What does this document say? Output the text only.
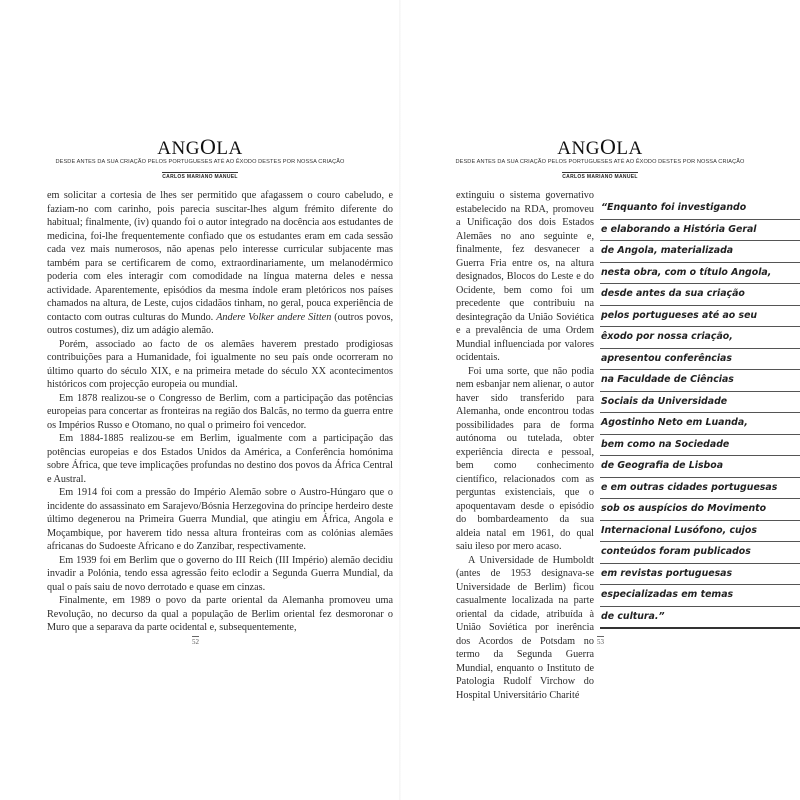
ANGOLA
DESDE ANTES DA SUA CRIAÇÃO PELOS PORTUGUESES ATÉ AO ÊXODO DESTES POR NOSSA CRIAÇÃO
CARLOS MARIANO MANUEL

em solicitar a cortesia de lhes ser permitido que afagassem o couro cabeludo, e faziam-no com carinho, pois parecia suscitar-lhes algum frémito diferente do habitual; finalmente, (iv) quando foi o autor integrado na docência aos estudantes de medicina, foi-lhe frequentemente confiado que os estudantes eram em cada sessão cada vez mais numerosos, não apenas pelo interesse curricular subjacente mas também para se certificarem de como, extraordinariamente, um melanodérmico poderia com eles interagir com comodidade na língua materna deles e nessa actividade. Aparentemente, episódios da mesma índole eram pletóricos nos países chamados na altura, de Leste, cujos cidadãos tinham, no geral, pouca experiência de contacto com outras culturas do Mundo. Andere Volker andere Sitten (outros povos, outros costumes), diz um adágio alemão.

Porém, associado ao facto de os alemães haverem prestado prodigiosas contribuições para a Humanidade, foi igualmente no seu país onde ocorreram no último quarto do século XIX, e na primeira metade do século XX acontecimentos históricos com projecção europeia ou mundial.

Em 1878 realizou-se o Congresso de Berlim, com a participação das potências europeias para concertar as fronteiras na região dos Balcãs, no termo da guerra entre os Impérios Russo e Otomano, no qual o primeiro foi vencedor.

Em 1884-1885 realizou-se em Berlim, igualmente com a participação das potências europeias e dos Estados Unidos da América, a Conferência homónima sobre África, que teve implicações profundas no destino dos povos da África Central e Austral.

Em 1914 foi com a pressão do Império Alemão sobre o Austro-Húngaro que o incidente do assassinato em Sarajevo/Bósnia Herzegovina do príncipe herdeiro deste último degenerou na Primeira Guerra Mundial, que atingiu em África, Angola e Moçambique, por haverem tido nessa altura fronteiras com as colónias alemães africanas do Sudoeste Africano e do Zanzibar, respectivamente.

Em 1939 foi em Berlim que o governo do III Reich (III Império) alemão decidiu invadir a Polónia, tendo essa agressão feito eclodir a Segunda Guerra Mundial, da qual o país saiu de novo derrotado e quase em cinzas.

Finalmente, em 1989 o povo da parte oriental da Alemanha promoveu uma Revolução, no decurso da qual a população de Berlim oriental fez desmoronar o Muro que a separava da parte ocidental e, subsequentemente,

52
ANGOLA
DESDE ANTES DA SUA CRIAÇÃO PELOS PORTUGUESES ATÉ AO ÊXODO DESTES POR NOSSA CRIAÇÃO
CARLOS MARIANO MANUEL

extinguiu o sistema governativo estabelecido na RDA, promoveu a Unificação dos dois Estados Alemães no ano seguinte e, finalmente, fez desvanecer a Guerra Fria entre os, na altura designados, Blocos do Leste e do Ocidente, bem como foi um precedente que contribuiu na desintegração da União Soviética e a prevalência de uma Ordem Mundial influenciada por valores ocidentais.

Foi uma sorte, que não podia nem esbanjar nem alienar, o autor haver sido transferido para Alemanha, onde encontrou todas possibilidades para de forma autónoma ou tutelada, obter experiência directa e pessoal, bem como conhecimento científico, relacionados com as perguntas existenciais, que o apoquentavam desde o episódio do bombardeamento da sua aldeia natal em 1961, do qual saiu ileso por mero acaso.

A Universidade de Humboldt (antes de 1953 designava-se Universidade de Berlim) ficou casualmente localizada na parte oriental da cidade, atribuída à União Soviética por inerência dos Acordos de Potsdam no termo da Segunda Guerra Mundial, enquanto o Instituto de Patologia Rudolf Virchow do Hospital Universitário Charité

“Enquanto foi investigando
e elaborando a História Geral
de Angola, materializada
nesta obra, com o título Angola,
desde antes da sua criação
pelos portugueses até ao seu
êxodo por nossa criação,
apresentou conferências
na Faculdade de Ciências
Sociais da Universidade
Agostinho Neto em Luanda,
bem como na Sociedade
de Geografia de Lisboa
e em outras cidades portuguesas
sob os auspícios do Movimento
Internacional Lusófono, cujos
conteúdos foram publicados
em revistas portuguesas
especializadas em temas
de cultura.”
53
